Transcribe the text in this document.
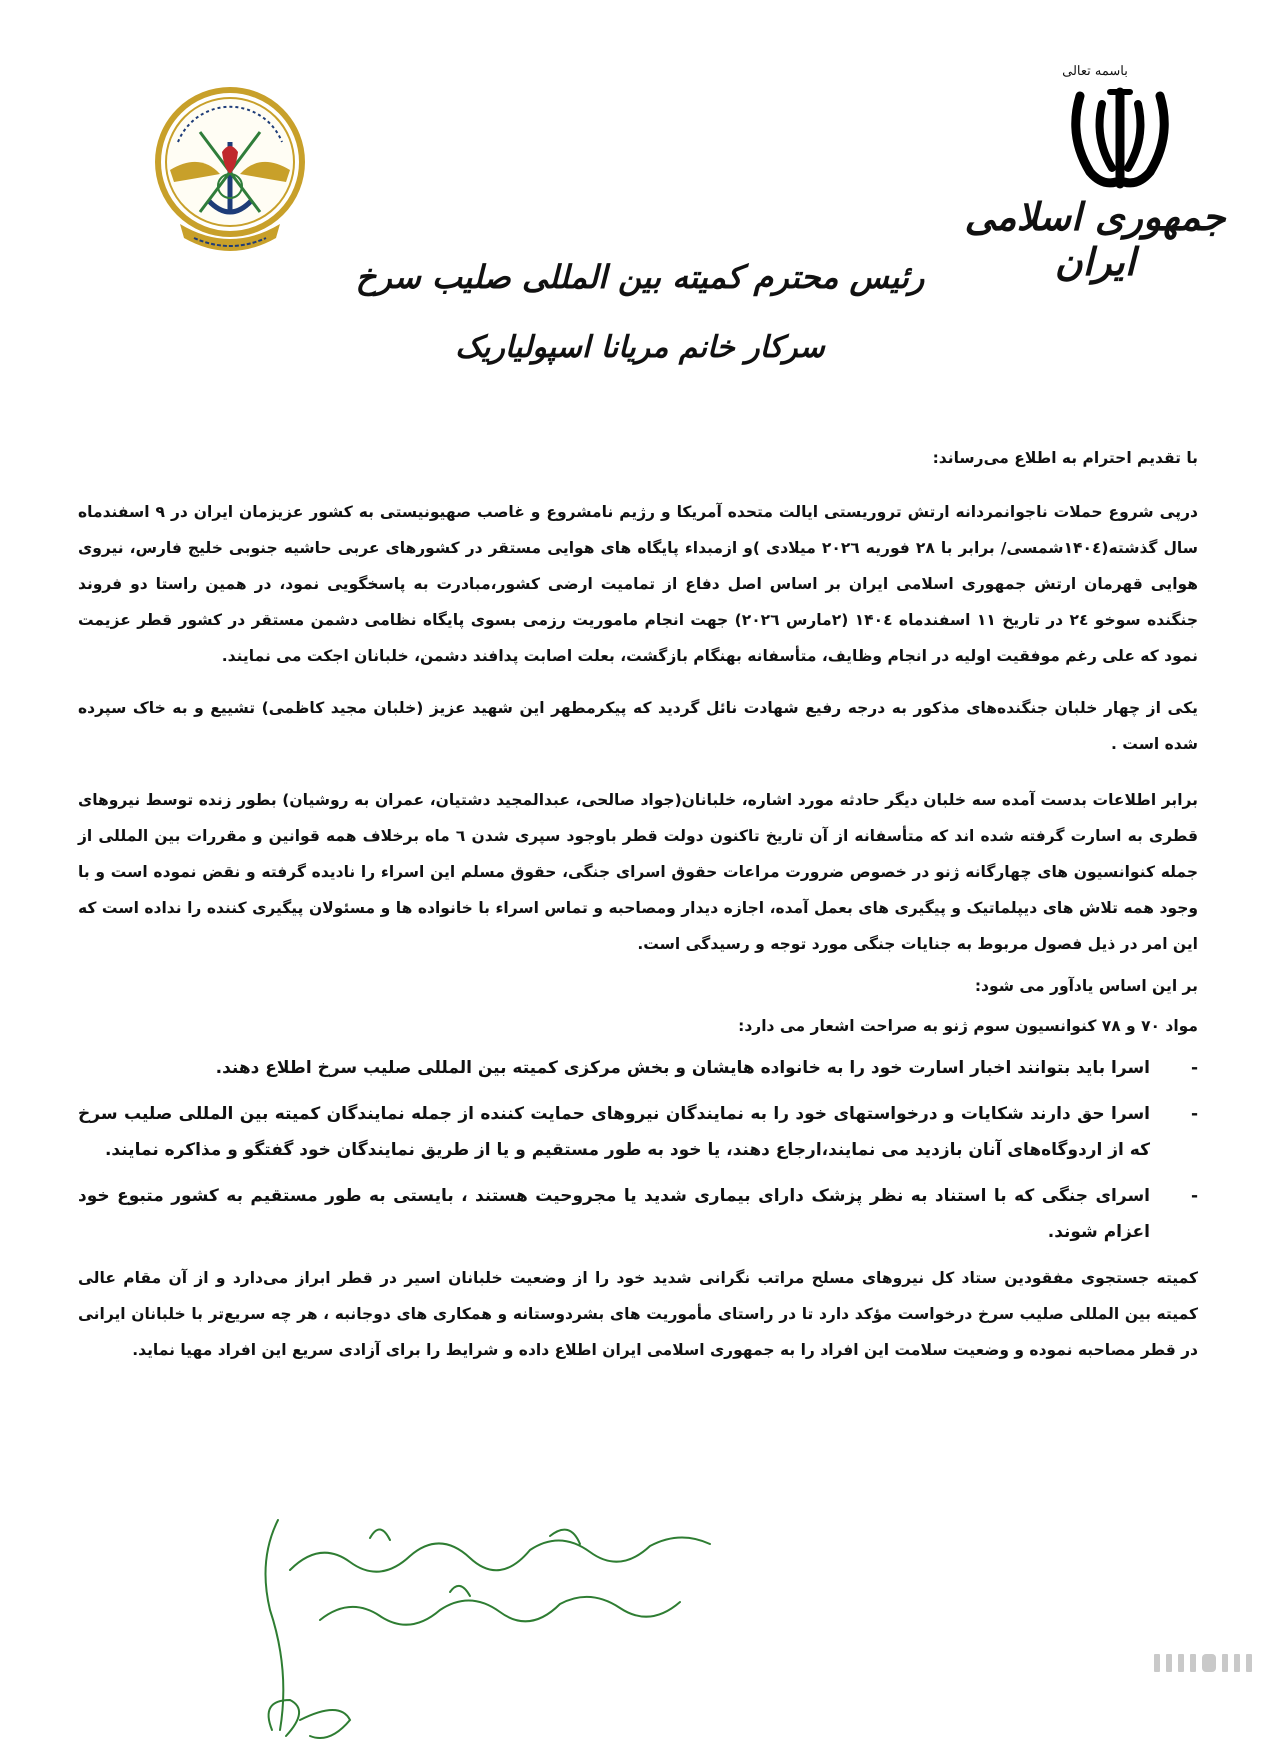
باسمه تعالی
جمهوری اسلامی ایران
رئیس محترم کمیته بین المللی صلیب سرخ
سرکار خانم مریانا اسپولیاریک

با تقدیم احترام به اطلاع می‌رساند:

درپی شروع حملات ناجوانمردانه ارتش تروریستی ایالت متحده آمریکا و رژیم نامشروع و غاصب صهیونیستی به کشور عزیزمان ایران در ۹ اسفندماه سال گذشته(۱۴۰٤شمسی/ برابر با ۲۸ فوریه ۲۰۲٦ میلادی )و ازمبداء پایگاه های هوایی مستقر در کشورهای عربی حاشیه جنوبی خلیج فارس، نیروی هوایی قهرمان ارتش جمهوری اسلامی ایران بر اساس اصل دفاع از تمامیت ارضی کشور،مبادرت به پاسخگویی نمود، در همین راستا دو فروند جنگنده سوخو ۲٤ در تاریخ ۱۱ اسفندماه ۱۴۰٤ (۲مارس ۲۰۲٦) جهت انجام ماموریت رزمی بسوی پایگاه نظامی دشمن مستقر در کشور قطر عزیمت نمود که علی رغم موفقیت اولیه در انجام وظایف، متأسفانه بهنگام بازگشت، بعلت اصابت پدافند دشمن، خلبانان اجکت می نمایند.

یکی از چهار خلبان جنگنده‌های مذکور به درجه رفیع شهادت نائل گردید که پیکرمطهر این شهید عزیز (خلبان مجید کاظمی) تشییع و به خاک سپرده شده است .

برابر اطلاعات بدست آمده سه خلبان دیگر حادثه مورد اشاره، خلبانان(جواد صالحی، عبدالمجید دشتیان، عمران به روشیان) بطور زنده توسط نیروهای قطری به اسارت گرفته شده اند که متأسفانه از آن تاریخ تاکنون دولت قطر باوجود سپری شدن ٦ ماه برخلاف همه قوانین و مقررات بین المللی از جمله کنوانسیون های چهارگانه ژنو در خصوص ضرورت مراعات حقوق اسرای جنگی، حقوق مسلم این اسراء را نادیده گرفته و نقض نموده است و با وجود همه تلاش های دیپلماتیک و پیگیری های بعمل آمده، اجازه دیدار ومصاحبه و تماس اسراء با خانواده ها و مسئولان پیگیری کننده را نداده است که این امر در ذیل فصول مربوط به جنایات جنگی مورد توجه و رسیدگی است.

بر این اساس یادآور می شود:

مواد ۷۰ و ۷۸ کنوانسیون سوم ژنو به صراحت اشعار می دارد:

-
اسرا باید بتوانند اخبار اسارت خود را به خانواده هایشان و بخش مرکزی کمیته بین المللی صلیب سرخ اطلاع دهند.
-
اسرا حق دارند شکایات و درخواستهای خود را به نمایندگان نیروهای حمایت کننده از جمله نمایندگان کمیته بین المللی صلیب سرخ که از اردوگاه‌های آنان بازدید می نمایند،ارجاع دهند، یا خود به طور مستقیم و یا از طریق نمایندگان خود گفتگو و مذاکره نمایند.
-
اسرای جنگی که با استناد به نظر پزشک دارای بیماری شدید یا مجروحیت هستند ، بایستی به طور مستقیم به کشور متبوع خود اعزام شوند.

کمیته جستجوی مفقودین ستاد کل نیروهای مسلح مراتب نگرانی شدید خود را از وضعیت خلبانان اسیر در قطر ابراز می‌دارد و از آن مقام عالی کمیته بین المللی صلیب سرخ درخواست مؤکد دارد تا در راستای مأموریت های بشردوستانه و همکاری های دوجانبه ، هر چه سریع‌تر با خلبانان ایرانی در قطر مصاحبه نموده و وضعیت سلامت این افراد را به جمهوری اسلامی ایران اطلاع داده و شرایط را برای آزادی سریع این افراد مهیا نماید.
